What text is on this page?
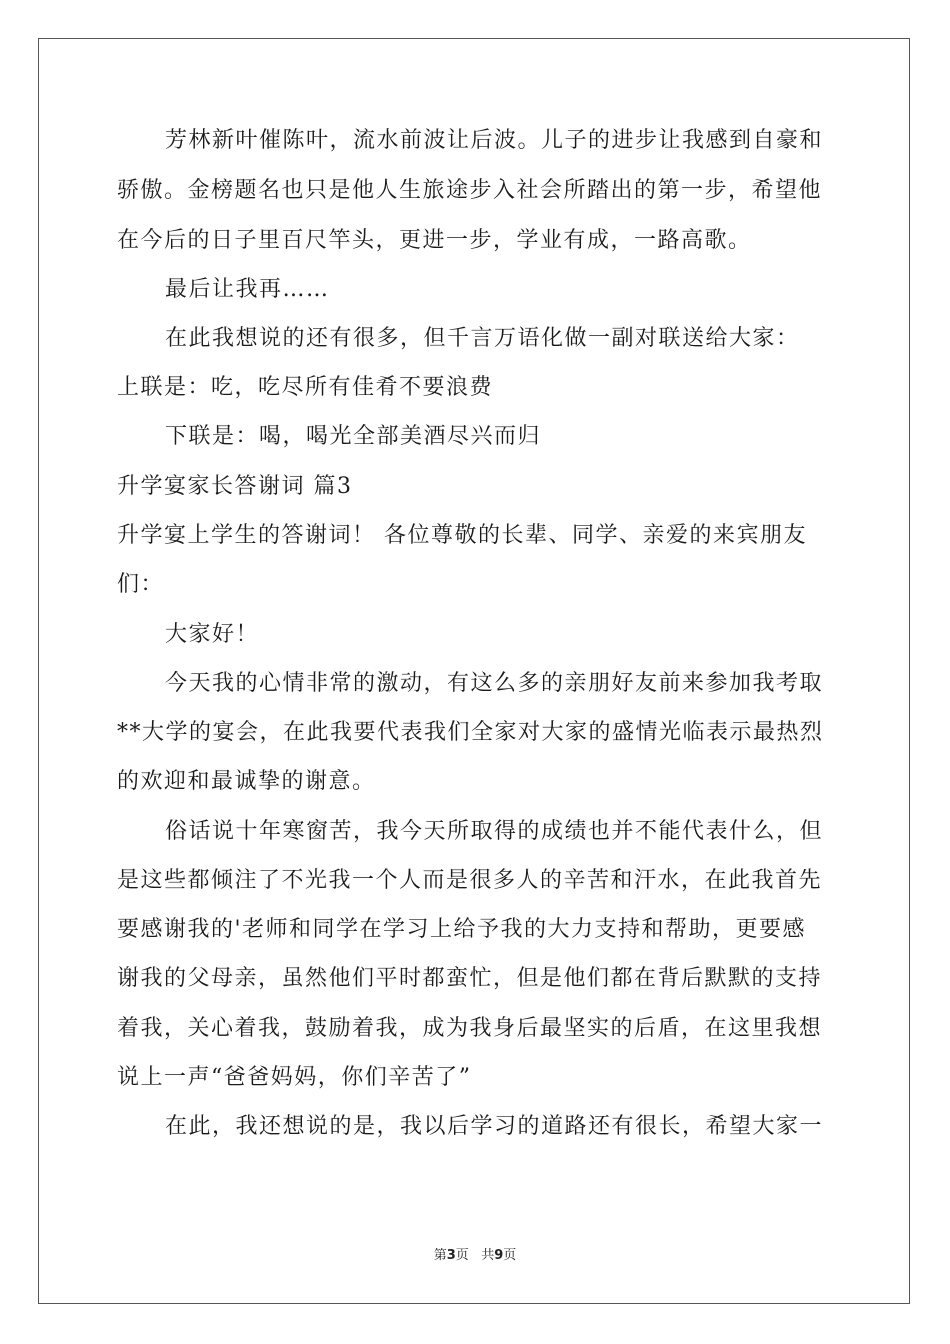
芳林新叶催陈叶，流水前波让后波。儿子的进步让我感到自豪和
骄傲。金榜题名也只是他人生旅途步入社会所踏出的第一步，希望他
在今后的日子里百尺竿头，更进一步，学业有成，一路高歌。
最后让我再……
在此我想说的还有很多，但千言万语化做一副对联送给大家：
上联是：吃，吃尽所有佳肴不要浪费
下联是：喝，喝光全部美酒尽兴而归
升学宴家长答谢词 篇3
升学宴上学生的答谢词！ 各位尊敬的长辈、同学、亲爱的来宾朋友
们：
大家好！
今天我的心情非常的激动，有这么多的亲朋好友前来参加我考取
**大学的宴会，在此我要代表我们全家对大家的盛情光临表示最热烈
的欢迎和最诚挚的谢意。
俗话说十年寒窗苦，我今天所取得的成绩也并不能代表什么，但
是这些都倾注了不光我一个人而是很多人的辛苦和汗水，在此我首先
要感谢我的'老师和同学在学习上给予我的大力支持和帮助，更要感
谢我的父母亲，虽然他们平时都蛮忙，但是他们都在背后默默的支持
着我，关心着我，鼓励着我，成为我身后最坚实的后盾，在这里我想
说上一声“爸爸妈妈，你们辛苦了”
在此，我还想说的是，我以后学习的道路还有很长，希望大家一
第3页 共9页
